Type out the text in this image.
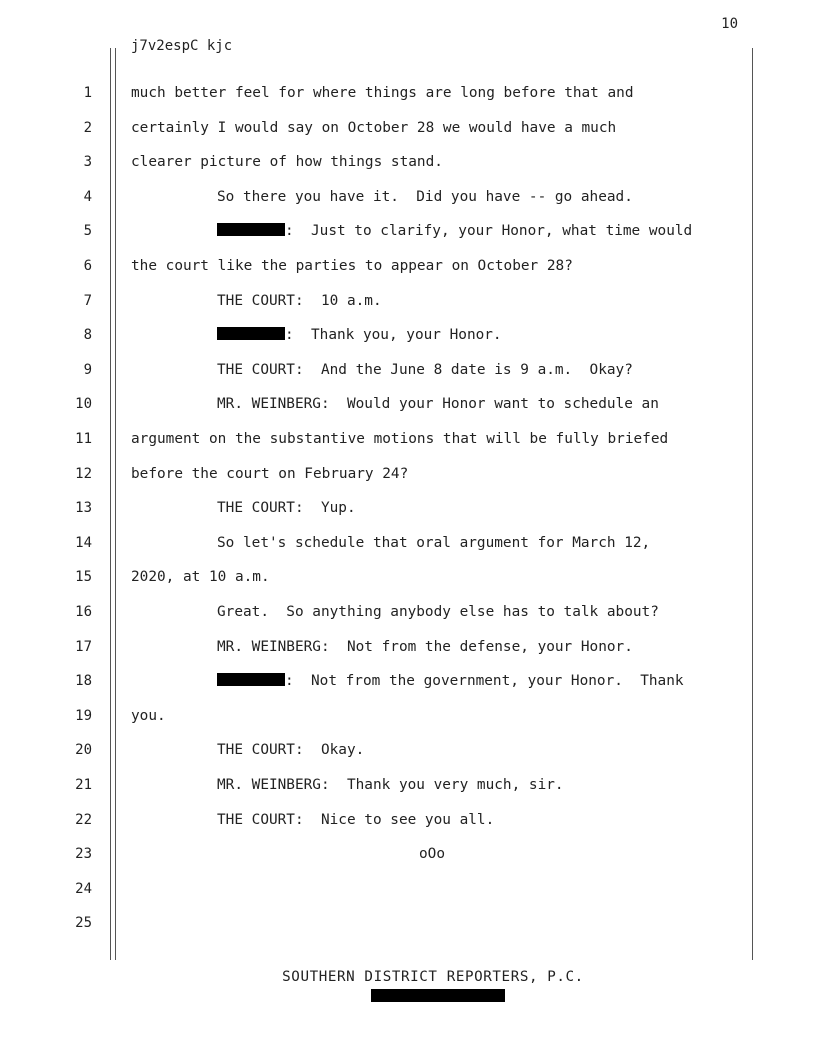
10
j7v2espC kjc
1	much better feel for where things are long before that and
2	certainly I would say on October 28 we would have a much
3	clearer picture of how things stand.
4	So there you have it.  Did you have -- go ahead.
5	:  Just to clarify, your Honor, what time would
6	the court like the parties to appear on October 28?
7	THE COURT:  10 a.m.
8	:  Thank you, your Honor.
9	THE COURT:  And the June 8 date is 9 a.m.  Okay?
10	MR. WEINBERG:  Would your Honor want to schedule an
11	argument on the substantive motions that will be fully briefed
12	before the court on February 24?
13	THE COURT:  Yup.
14	So let's schedule that oral argument for March 12,
15	2020, at 10 a.m.
16	Great.  So anything anybody else has to talk about?
17	MR. WEINBERG:  Not from the defense, your Honor.
18	:  Not from the government, your Honor.  Thank
19	you.
20	THE COURT:  Okay.
21	MR. WEINBERG:  Thank you very much, sir.
22	THE COURT:  Nice to see you all.
23	oOo
24
25
SOUTHERN DISTRICT REPORTERS, P.C.
